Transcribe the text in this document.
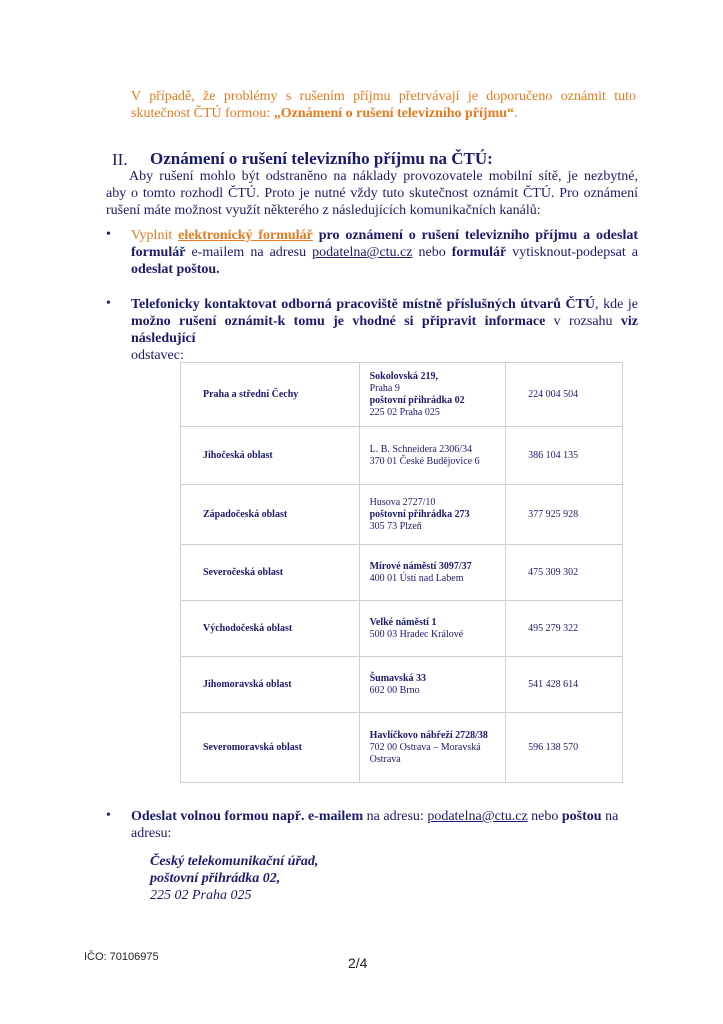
V případě, že problémy s rušením příjmu přetrvávají je doporučeno oznámit tuto
skutečnost ČTÚ formou: „Oznámení o rušení televizního příjmu“.
II. Oznámení o rušení televizního příjmu na ČTÚ:
Aby rušení mohlo být odstraněno na náklady provozovatele mobilní sítě, je nezbytné,
aby o tomto rozhodl ČTÚ. Proto je nutné vždy tuto skutečnost oznámit ČTÚ. Pro oznámení
rušení máte možnost využít některého z následujících komunikačních kanálů:
• Vyplnit elektronický formulář pro oznámení o rušení televizního příjmu a odeslat
formulář e-mailem na adresu podatelna@ctu.cz nebo formulář vytisknout-podepsat a
odeslat poštou.
• Telefonicky kontaktovat odborná pracoviště místně příslušných útvarů ČTÚ, kde je
možno rušení oznámit-k tomu je vhodné si připravit informace v rozsahu viz následující
odstavec:
Praha a střední Čechy	Sokolovská 219,
Praha 9
poštovní přihrádka 02
225 02 Praha 025	224 004 504
Jihočeská oblast	L. B. Schneidera 2306/34
370 01 České Budějovice 6	386 104 135
Západočeská oblast	Husova 2727/10
poštovní přihrádka 273
305 73 Plzeň	377 925 928
Severočeská oblast	Mírové náměstí 3097/37
400 01 Ústí nad Labem	475 309 302
Východočeská oblast	Velké náměstí 1
500 03 Hradec Králové	495 279 322
Jihomoravská oblast	Šumavská 33
602 00 Brno	541 428 614
Severomoravská oblast	Havlíčkovo nábřeží 2728/38
702 00 Ostrava – Moravská Ostrava	596 138 570
• Odeslat volnou formou např. e-mailem na adresu: podatelna@ctu.cz nebo poštou na
adresu:
Český telekomunikační úřad,
poštovní přihrádka 02,
225 02 Praha 025
IČO: 70106975	2/4
